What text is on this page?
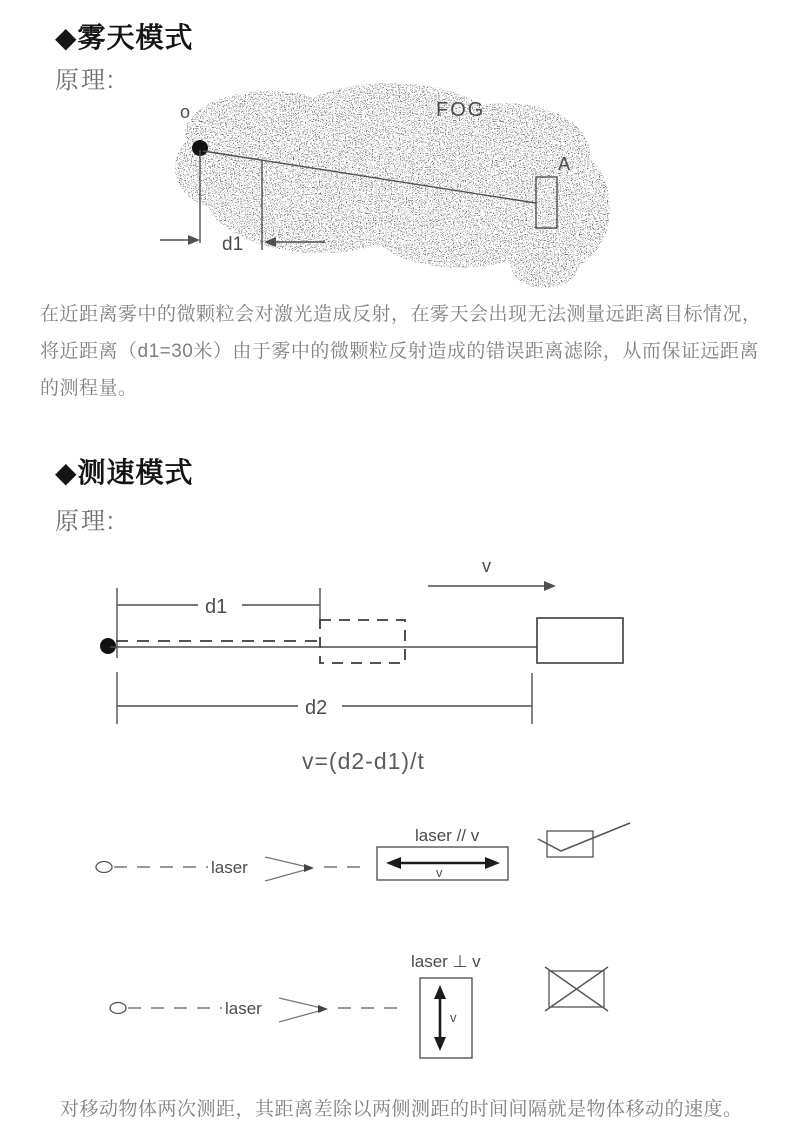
◆雾天模式
原理:
o	FOG
A
d1
在近距离雾中的微颗粒会对激光造成反射，在雾天会出现无法测量远距离目标情况，将近距离（d1=30米）由于雾中的微颗粒反射造成的错误距离滤除，从而保证远距离的测程量。
◆测速模式
原理:
v
d1
d2
v=(d2-d1)/t
laser // v
laser	v
laser ⊥ v
laser	v
对移动物体两次测距，其距离差除以两侧测距的时间间隔就是物体移动的速度。
